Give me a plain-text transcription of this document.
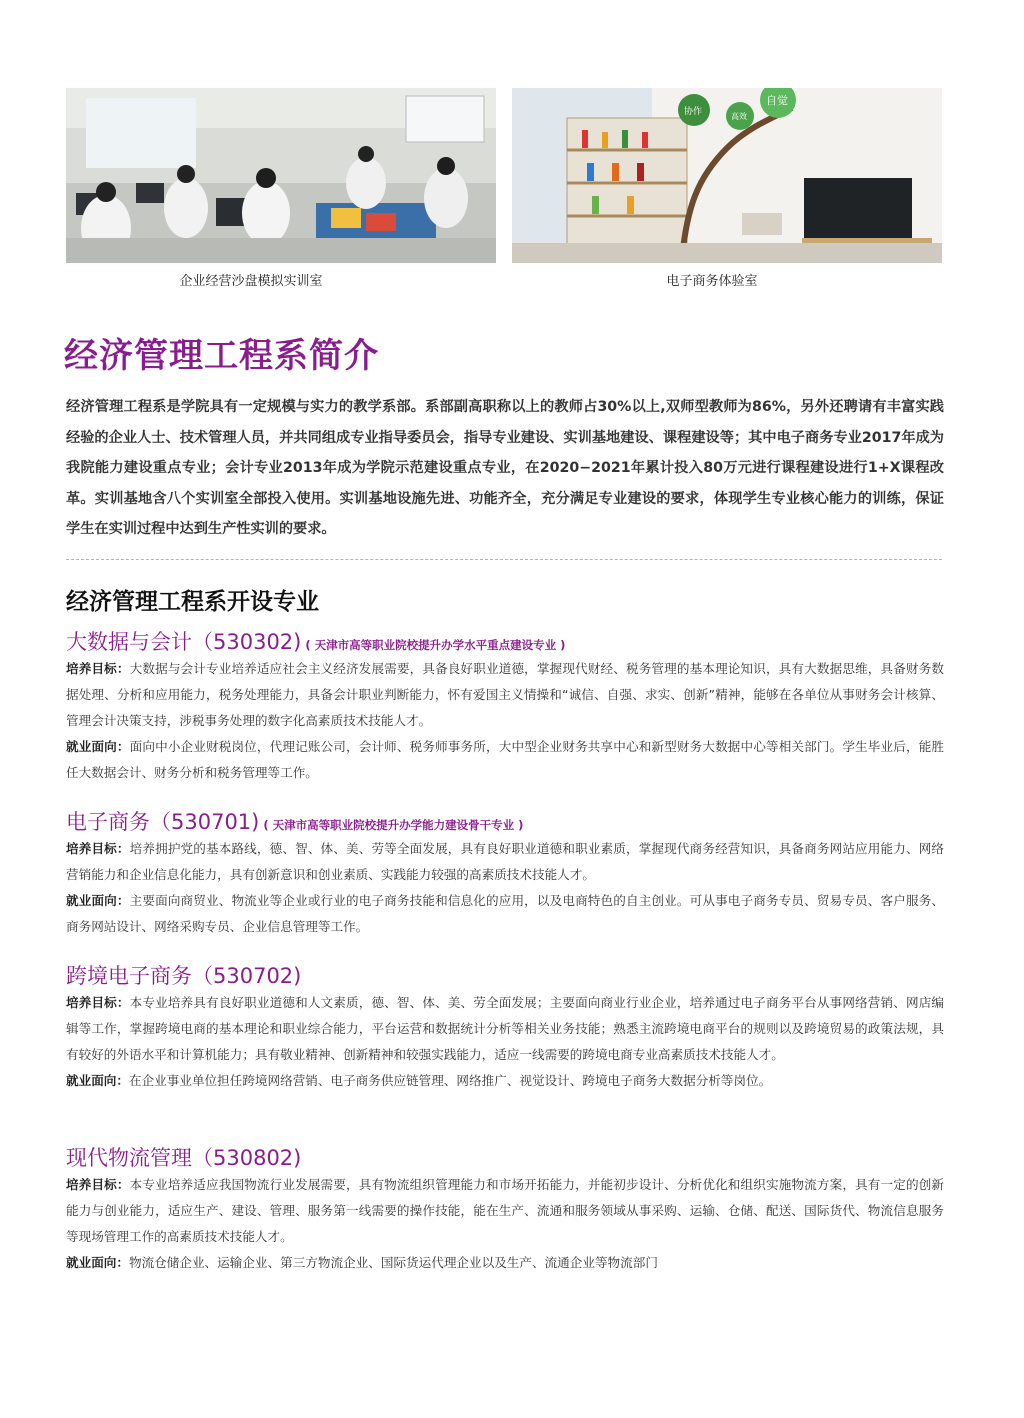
协作	高效
自觉
企业经营沙盘模拟实训室	电子商务体验室
经济管理工程系简介

经济管理工程系是学院具有一定规模与实力的教学系部。系部副高职称以上的教师占30%以上,双师型教师为86%，另外还聘请有丰富实践经验的企业人士、技术管理人员，并共同组成专业指导委员会，指导专业建设、实训基地建设、课程建设等；其中电子商务专业2017年成为我院能力建设重点专业；会计专业2013年成为学院示范建设重点专业，在2020−2021年累计投入80万元进行课程建设进行1+X课程改革。实训基地含八个实训室全部投入使用。实训基地设施先进、功能齐全，充分满足专业建设的要求，体现学生专业核心能力的训练，保证学生在实训过程中达到生产性实训的要求。

经济管理工程系开设专业
大数据与会计（530302) ( 天津市高等职业院校提升办学水平重点建设专业 )

培养目标：大数据与会计专业培养适应社会主义经济发展需要，具备良好职业道德，掌握现代财经、税务管理的基本理论知识，具有大数据思维，具备财务数据处理、分析和应用能力，税务处理能力，具备会计职业判断能力，怀有爱国主义情操和“诚信、自强、求实、创新”精神，能够在各单位从事财务会计核算、管理会计决策支持，涉税事务处理的数字化高素质技术技能人才。

就业面向：面向中小企业财税岗位，代理记账公司，会计师、税务师事务所，大中型企业财务共享中心和新型财务大数据中心等相关部门。学生毕业后，能胜任大数据会计、财务分析和税务管理等工作。

电子商务（530701) ( 天津市高等职业院校提升办学能力建设骨干专业 )

培养目标：培养拥护党的基本路线，德、智、体、美、劳等全面发展，具有良好职业道德和职业素质，掌握现代商务经营知识，具备商务网站应用能力、网络营销能力和企业信息化能力，具有创新意识和创业素质、实践能力较强的高素质技术技能人才。

就业面向：主要面向商贸业、物流业等企业或行业的电子商务技能和信息化的应用，以及电商特色的自主创业。可从事电子商务专员、贸易专员、客户服务、商务网站设计、网络采购专员、企业信息管理等工作。

跨境电子商务（530702)

培养目标：本专业培养具有良好职业道德和人文素质，德、智、体、美、劳全面发展；主要面向商业行业企业，培养通过电子商务平台从事网络营销、网店编辑等工作，掌握跨境电商的基本理论和职业综合能力，平台运营和数据统计分析等相关业务技能；熟悉主流跨境电商平台的规则以及跨境贸易的政策法规，具有较好的外语水平和计算机能力；具有敬业精神、创新精神和较强实践能力，适应一线需要的跨境电商专业高素质技术技能人才。

就业面向：在企业事业单位担任跨境网络营销、电子商务供应链管理、网络推广、视觉设计、跨境电子商务大数据分析等岗位。

现代物流管理（530802)

培养目标：本专业培养适应我国物流行业发展需要，具有物流组织管理能力和市场开拓能力，并能初步设计、分析优化和组织实施物流方案，具有一定的创新能力与创业能力，适应生产、建设、管理、服务第一线需要的操作技能，能在生产、流通和服务领域从事采购、运输、仓储、配送、国际货代、物流信息服务等现场管理工作的高素质技术技能人才。

就业面向：物流仓储企业、运输企业、第三方物流企业、国际货运代理企业以及生产、流通企业等物流部门
